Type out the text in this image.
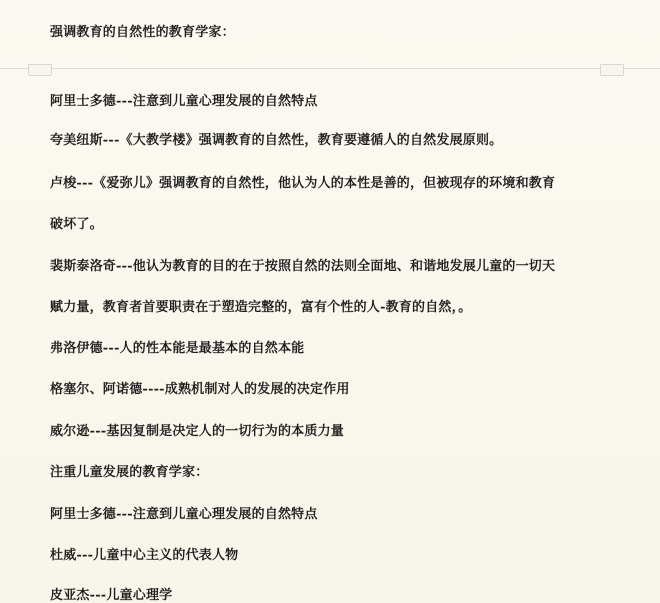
强调教育的自然性的教育学家：
阿里士多德---注意到儿童心理发展的自然特点
夸美纽斯---《大教学楼》强调教育的自然性，教育要遵循人的自然发展原则。
卢梭---《爱弥儿》强调教育的自然性，他认为人的本性是善的，但被现存的环境和教育
破坏了。
裴斯泰洛奇---他认为教育的目的在于按照自然的法则全面地、和谐地发展儿童的一切天
赋力量，教育者首要职责在于塑造完整的，富有个性的人-教育的自然，。
弗洛伊德---人的性本能是最基本的自然本能
格塞尔、阿诺德----成熟机制对人的发展的决定作用
威尔逊---基因复制是决定人的一切行为的本质力量
注重儿童发展的教育学家：
阿里士多德---注意到儿童心理发展的自然特点
杜威---儿童中心主义的代表人物
皮亚杰---儿童心理学
